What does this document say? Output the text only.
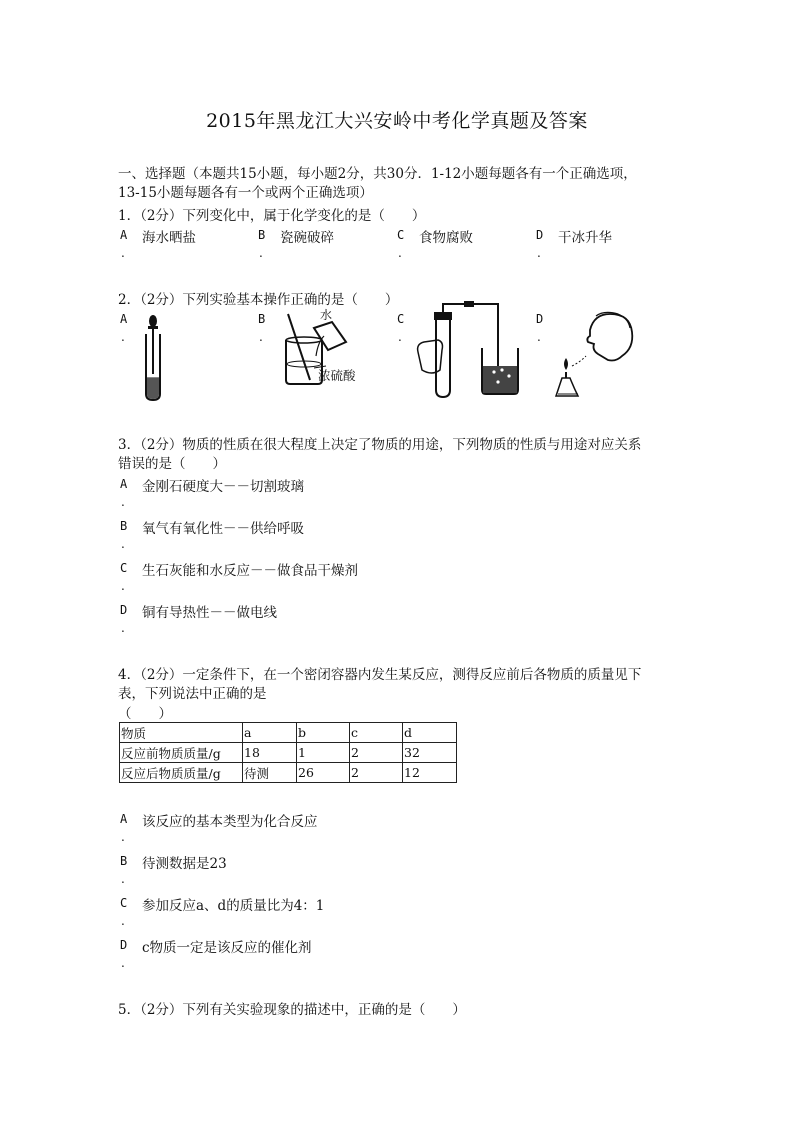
2015年黑龙江大兴安岭中考化学真题及答案
一、选择题（本题共15小题，每小题2分，共30分．1-12小题每题各有一个正确选项，
13-15小题每题各有一个或两个正确选项）
1．（2分）下列变化中，属于化学变化的是（　　）
A 海水晒盐
.
B 瓷碗破碎
.
C 食物腐败
.
D 干冰升华
.
2．（2分）下列实验基本操作正确的是（　　）
A
.
B
.
水
浓硫酸
C
.
D
.
3．（2分）物质的性质在很大程度上决定了物质的用途，下列物质的性质与用途对应关系
错误的是（　　）
A 金刚石硬度大－－切割玻璃
.
B 氧气有氧化性－－供给呼吸
.
C 生石灰能和水反应－－做食品干燥剂
.
D 铜有导热性－－做电线
.
4．（2分）一定条件下，在一个密闭容器内发生某反应，测得反应前后各物质的质量见下
表，下列说法中正确的是
（　　）
物质	a	b	c	d
反应前物质质量/g	18	1	2	32
反应后物质质量/g	待测	26	2	12
A 该反应的基本类型为化合反应
.
B 待测数据是23
.
C 参加反应a、d的质量比为4：1
.
D c物质一定是该反应的催化剂
.
5．（2分）下列有关实验现象的描述中，正确的是（　　）
